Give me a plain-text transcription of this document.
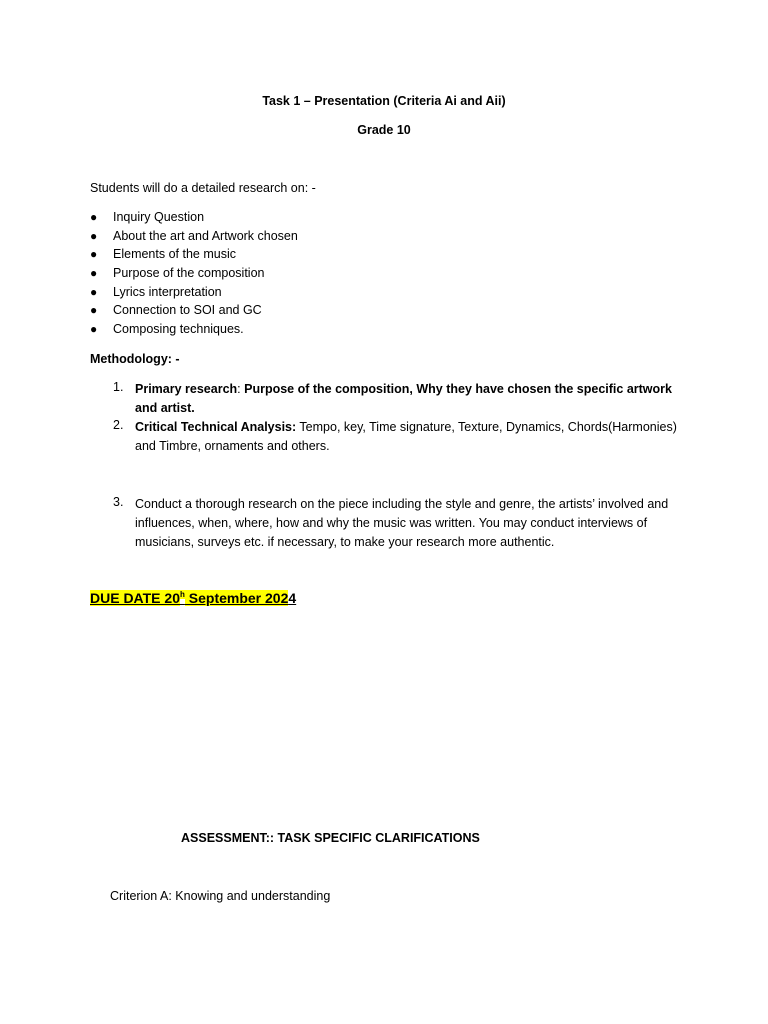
Task 1 – Presentation (Criteria Ai and Aii)
Grade 10
Students will do a detailed research on: -
● Inquiry Question
● About the art and Artwork chosen
● Elements of the music
● Purpose of the composition
● Lyrics interpretation
● Connection to SOI and GC
● Composing techniques.
Methodology: -
1. Primary research: Purpose of the composition, Why they have chosen the specific artwork and artist.
2. Critical Technical Analysis: Tempo, key, Time signature, Texture, Dynamics, Chords(Harmonies) and Timbre, ornaments and others.
3. Conduct a thorough research on the piece including the style and genre, the artists’ involved and influences, when, where, how and why the music was written. You may conduct interviews of musicians, surveys etc. if necessary, to make your research more authentic.
DUE DATE 20$^h$ September 2024
ASSESSMENT:: TASK SPECIFIC CLARIFICATIONS
Criterion A: Knowing and understanding
